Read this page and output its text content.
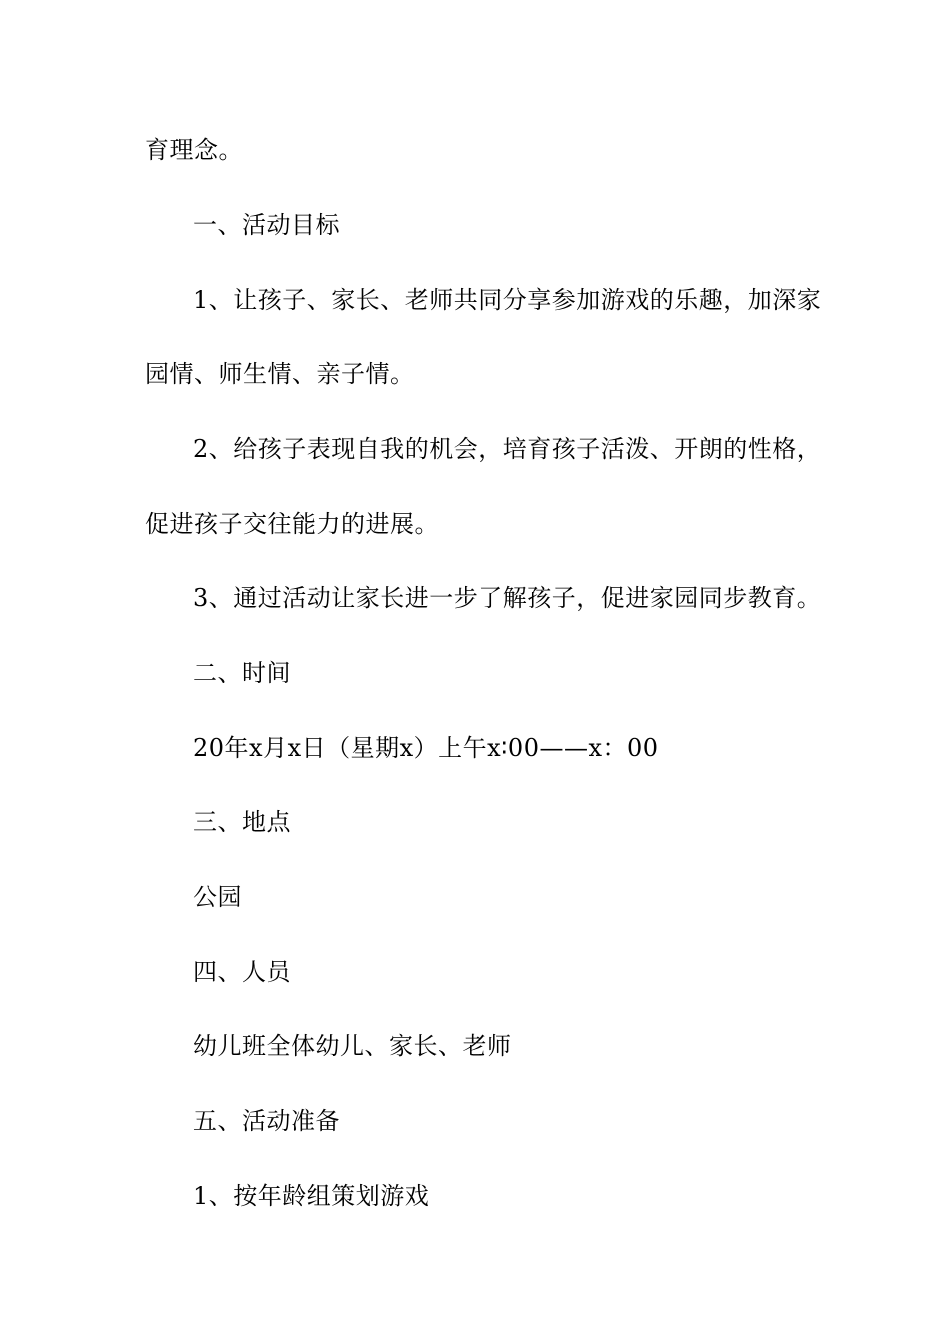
育理念。
一、活动目标
1、让孩子、家长、老师共同分享参加游戏的乐趣，加深家
园情、师生情、亲子情。
2、给孩子表现自我的机会，培育孩子活泼、开朗的性格，
促进孩子交往能力的进展。
3、通过活动让家长进一步了解孩子，促进家园同步教育。
二、时间
20年x月x日（星期x）上午x∶00——x：00
三、地点
公园
四、人员
幼儿班全体幼儿、家长、老师
五、活动准备
1、按年龄组策划游戏
